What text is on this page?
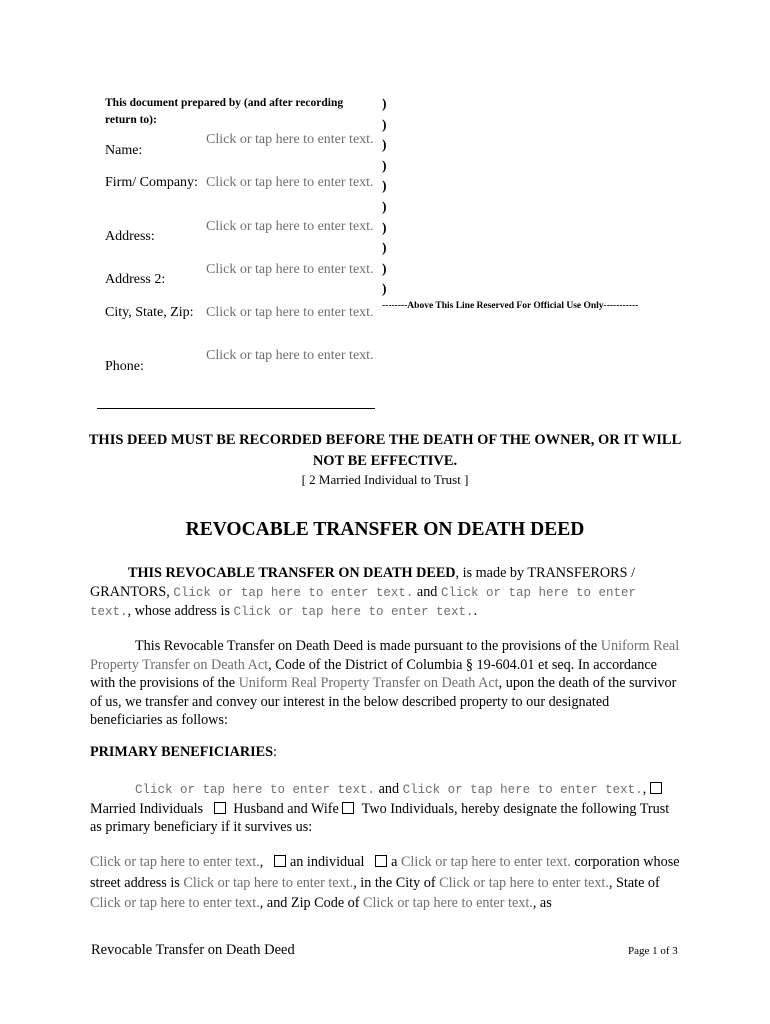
This document prepared by (and after recording return to):
Name:
Click or tap here to enter text.
Firm/ Company: Click or tap here to enter text.
Address:
Click or tap here to enter text.
Address 2:
Click or tap here to enter text.
City, State, Zip: Click or tap here to enter text.
Phone:
Click or tap here to enter text.
)
)
)
)
)
)
)
)
)
)
--------Above This Line Reserved For Official Use Only-----------
THIS DEED MUST BE RECORDED BEFORE THE DEATH OF THE OWNER, OR IT WILL NOT BE EFFECTIVE.
[ 2 Married Individual to Trust ]
REVOCABLE TRANSFER ON DEATH DEED
THIS REVOCABLE TRANSFER ON DEATH DEED, is made by TRANSFERORS / GRANTORS, Click or tap here to enter text. and Click or tap here to enter text., whose address is Click or tap here to enter text..
This Revocable Transfer on Death Deed is made pursuant to the provisions of the Uniform Real Property Transfer on Death Act, Code of the District of Columbia § 19-604.01 et seq. In accordance with the provisions of the Uniform Real Property Transfer on Death Act, upon the death of the survivor of us, we transfer and convey our interest in the below described property to our designated beneficiaries as follows:
PRIMARY BENEFICIARIES:
Click or tap here to enter text. and Click or tap here to enter text.,  Married Individuals Husband and Wife Two Individuals, hereby designate the following Trust as primary beneficiary if it survives us:
Click or tap here to enter text., an individual a Click or tap here to enter text. corporation whose street address is Click or tap here to enter text., in the City of Click or tap here to enter text., State of Click or tap here to enter text., and Zip Code of Click or tap here to enter text., as
Revocable Transfer on Death Deed	Page 1 of 3
